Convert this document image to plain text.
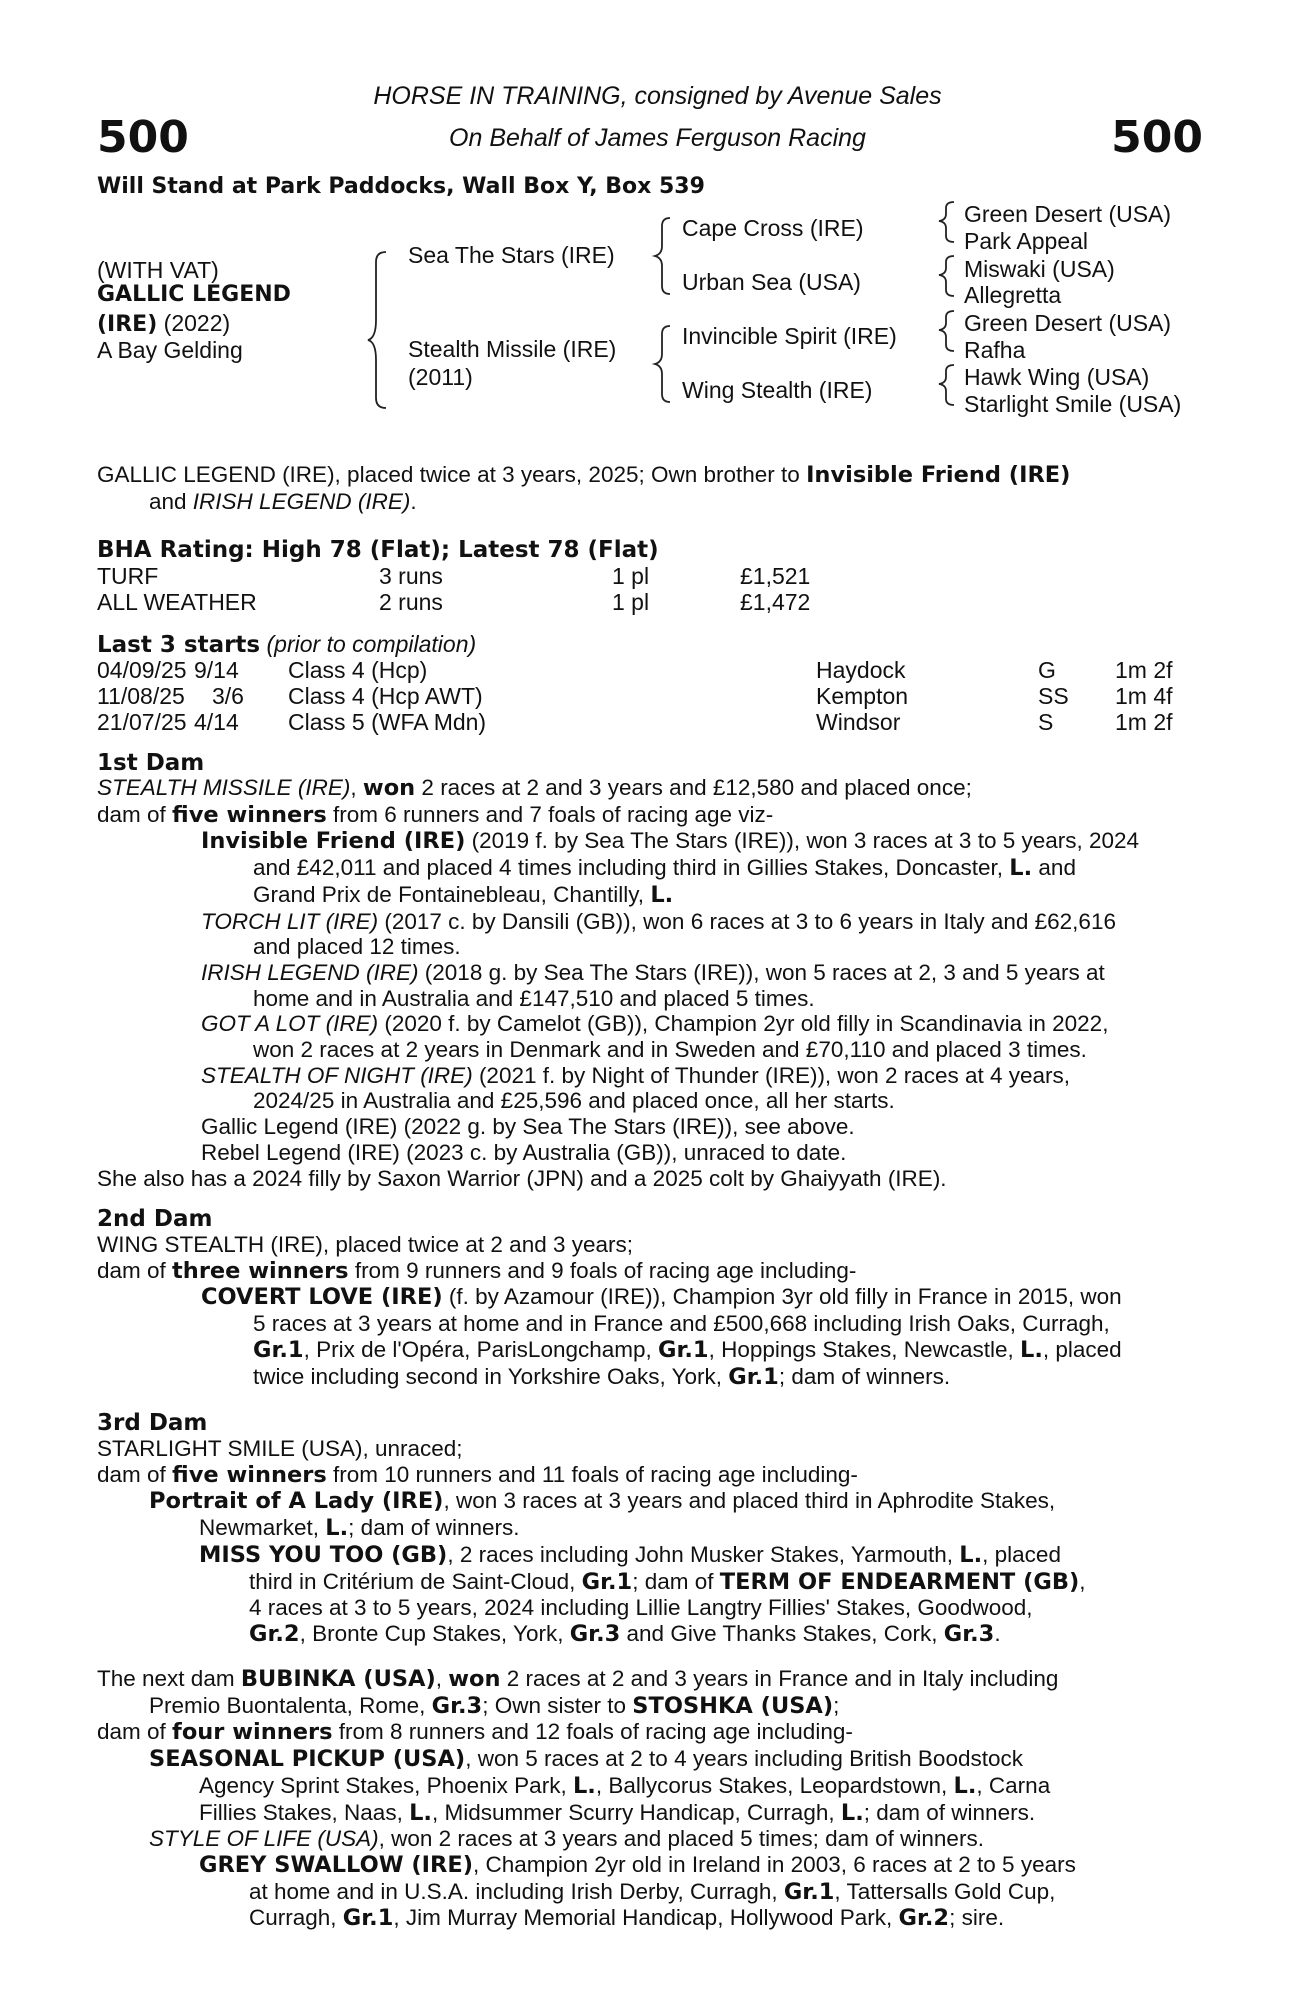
500	500
HORSE IN TRAINING, consigned by Avenue Sales
On Behalf of James Ferguson Racing
Will Stand at Park Paddocks, Wall Box Y, Box 539
(WITH VAT)
GALLIC LEGEND
(IRE) (2022)
A Bay Gelding
Sea The Stars (IRE)
Stealth Missile (IRE)
(2011)
Cape Cross (IRE)
Urban Sea (USA)
Invincible Spirit (IRE)
Wing Stealth (IRE)
Green Desert (USA)
Park Appeal
Miswaki (USA)
Allegretta
Green Desert (USA)
Rafha
Hawk Wing (USA)
Starlight Smile (USA)
GALLIC LEGEND (IRE), placed twice at 3 years, 2025; Own brother to Invisible Friend (IRE)
and IRISH LEGEND (IRE).
BHA Rating: High 78 (Flat); Latest 78 (Flat)
TURF	3 runs	1 pl	£1,521
ALL WEATHER	2 runs	1 pl	£1,472
Last 3 starts (prior to compilation)
04/09/25 9/14 Class 4 (Hcp)	Haydock	G	1m 2f
11/08/25 3/6 Class 4 (Hcp AWT)	Kempton	SS 1m 4f
21/07/25 4/14 Class 5 (WFA Mdn)	Windsor	S	1m 2f
1st Dam
STEALTH MISSILE (IRE), won 2 races at 2 and 3 years and £12,580 and placed once;
dam of five winners from 6 runners and 7 foals of racing age viz-
Invisible Friend (IRE) (2019 f. by Sea The Stars (IRE)), won 3 races at 3 to 5 years, 2024
and £42,011 and placed 4 times including third in Gillies Stakes, Doncaster, L. and
Grand Prix de Fontainebleau, Chantilly, L.
TORCH LIT (IRE) (2017 c. by Dansili (GB)), won 6 races at 3 to 6 years in Italy and £62,616
and placed 12 times.
IRISH LEGEND (IRE) (2018 g. by Sea The Stars (IRE)), won 5 races at 2, 3 and 5 years at
home and in Australia and £147,510 and placed 5 times.
GOT A LOT (IRE) (2020 f. by Camelot (GB)), Champion 2yr old filly in Scandinavia in 2022,
won 2 races at 2 years in Denmark and in Sweden and £70,110 and placed 3 times.
STEALTH OF NIGHT (IRE) (2021 f. by Night of Thunder (IRE)), won 2 races at 4 years,
2024/25 in Australia and £25,596 and placed once, all her starts.
Gallic Legend (IRE) (2022 g. by Sea The Stars (IRE)), see above.
Rebel Legend (IRE) (2023 c. by Australia (GB)), unraced to date.
She also has a 2024 filly by Saxon Warrior (JPN) and a 2025 colt by Ghaiyyath (IRE).
2nd Dam
WING STEALTH (IRE), placed twice at 2 and 3 years;
dam of three winners from 9 runners and 9 foals of racing age including-
COVERT LOVE (IRE) (f. by Azamour (IRE)), Champion 3yr old filly in France in 2015, won
5 races at 3 years at home and in France and £500,668 including Irish Oaks, Curragh,
Gr.1, Prix de l'Opéra, ParisLongchamp, Gr.1, Hoppings Stakes, Newcastle, L., placed
twice including second in Yorkshire Oaks, York, Gr.1; dam of winners.
3rd Dam
STARLIGHT SMILE (USA), unraced;
dam of five winners from 10 runners and 11 foals of racing age including-
Portrait of A Lady (IRE), won 3 races at 3 years and placed third in Aphrodite Stakes,
Newmarket, L.; dam of winners.
MISS YOU TOO (GB), 2 races including John Musker Stakes, Yarmouth, L., placed
third in Critérium de Saint-Cloud, Gr.1; dam of TERM OF ENDEARMENT (GB),
4 races at 3 to 5 years, 2024 including Lillie Langtry Fillies' Stakes, Goodwood,
Gr.2, Bronte Cup Stakes, York, Gr.3 and Give Thanks Stakes, Cork, Gr.3.
The next dam BUBINKA (USA), won 2 races at 2 and 3 years in France and in Italy including
Premio Buontalenta, Rome, Gr.3; Own sister to STOSHKA (USA);
dam of four winners from 8 runners and 12 foals of racing age including-
SEASONAL PICKUP (USA), won 5 races at 2 to 4 years including British Boodstock
Agency Sprint Stakes, Phoenix Park, L., Ballycorus Stakes, Leopardstown, L., Carna
Fillies Stakes, Naas, L., Midsummer Scurry Handicap, Curragh, L.; dam of winners.
STYLE OF LIFE (USA), won 2 races at 3 years and placed 5 times; dam of winners.
GREY SWALLOW (IRE), Champion 2yr old in Ireland in 2003, 6 races at 2 to 5 years
at home and in U.S.A. including Irish Derby, Curragh, Gr.1, Tattersalls Gold Cup,
Curragh, Gr.1, Jim Murray Memorial Handicap, Hollywood Park, Gr.2; sire.
